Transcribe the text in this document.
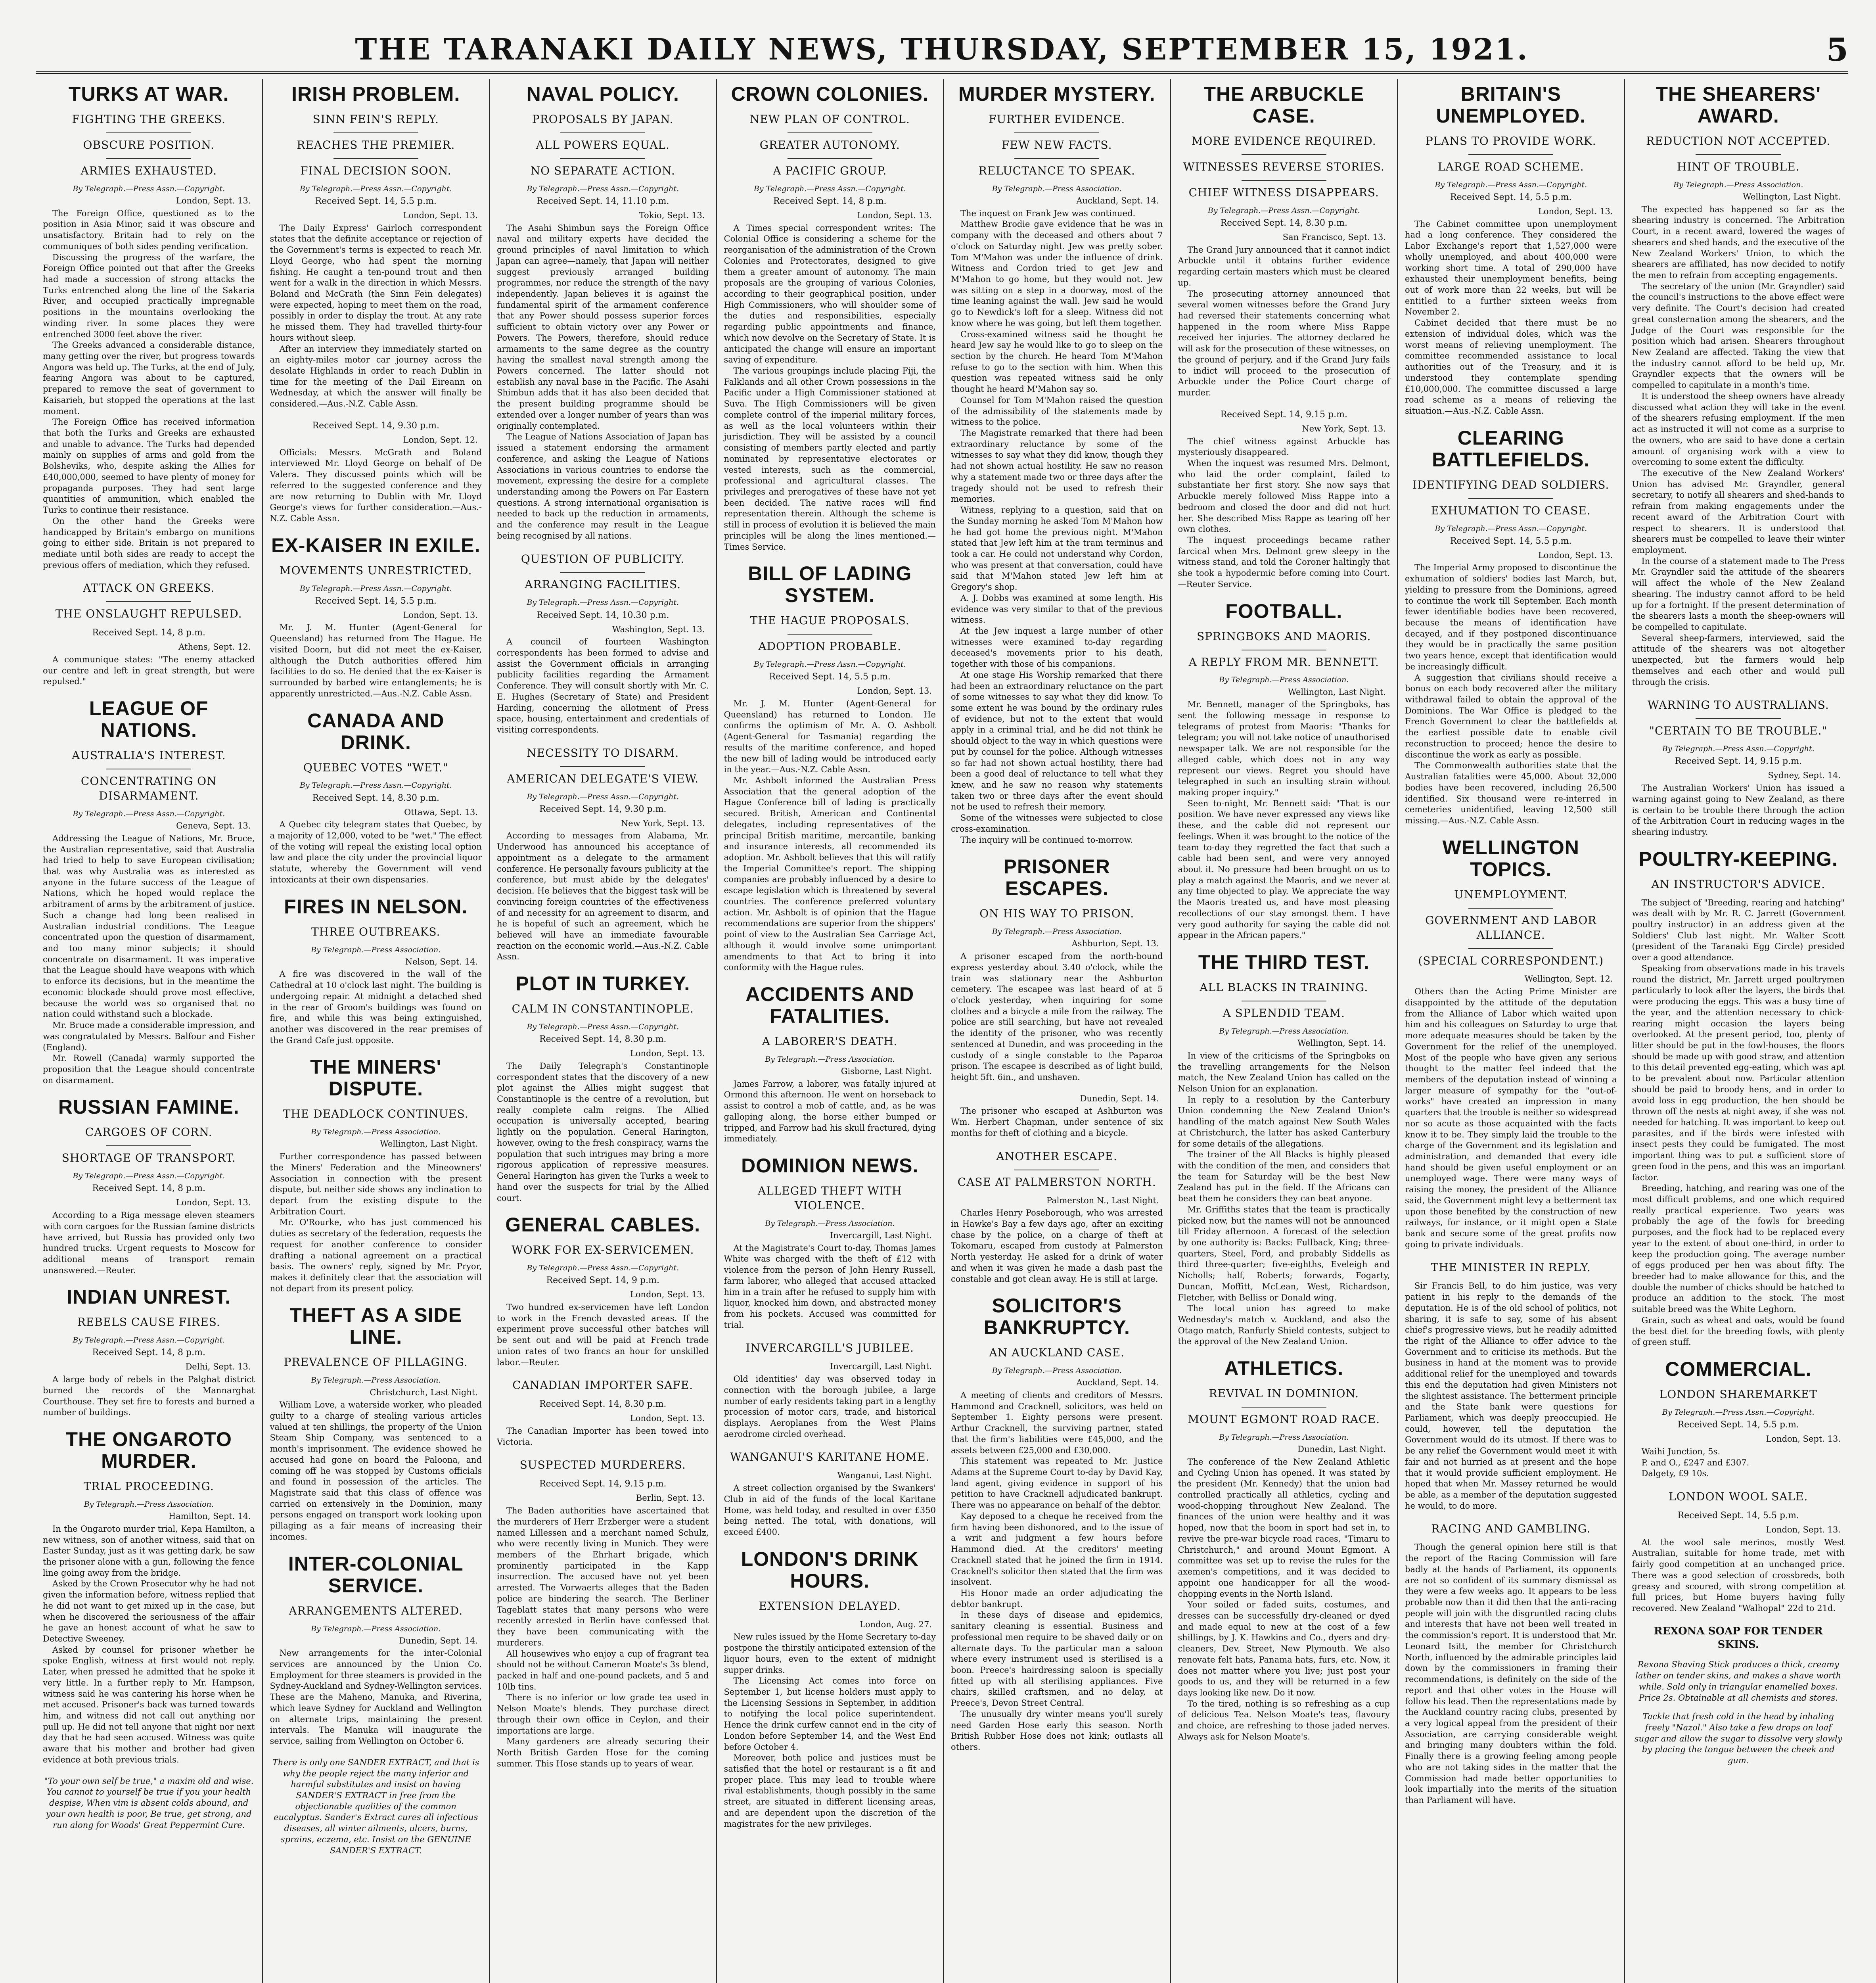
THE TARANAKI DAILY NEWS, THURSDAY, SEPTEMBER 15, 1921.	5
TURKS AT WAR.
FIGHTING THE GREEKS.
OBSCURE POSITION.
ARMIES EXHAUSTED.
By Telegraph.—Press Assn.—Copyright.
London, Sept. 13.

The Foreign Office, questioned as to the position in Asia Minor, said it was obscure and unsatisfactory. Britain had to rely on the communiques of both sides pending verification.

Discussing the progress of the warfare, the Foreign Office pointed out that after the Greeks had made a succession of strong attacks the Turks entrenched along the line of the Sakaria River, and occupied practically impregnable positions in the mountains overlooking the winding river. In some places they were entrenched 3000 feet above the river.

The Greeks advanced a considerable distance, many getting over the river, but progress towards Angora was held up. The Turks, at the end of July, fearing Angora was about to be captured, prepared to remove the seat of government to Kaisarieh, but stopped the operations at the last moment.

The Foreign Office has received information that both the Turks and Greeks are exhausted and unable to advance. The Turks had depended mainly on supplies of arms and gold from the Bolsheviks, who, despite asking the Allies for £40,000,000, seemed to have plenty of money for propaganda purposes. They had sent large quantities of ammunition, which enabled the Turks to continue their resistance.

On the other hand the Greeks were handicapped by Britain's embargo on munitions going to either side. Britain is not prepared to mediate until both sides are ready to accept the previous offers of mediation, which they refused.

ATTACK ON GREEKS.
THE ONSLAUGHT REPULSED.
Received Sept. 14, 8 p.m.
Athens, Sept. 12.

A communique states: "The enemy attacked our centre and left in great strength, but were repulsed."

LEAGUE OF NATIONS.
AUSTRALIA'S INTEREST.
CONCENTRATING ON DISARMAMENT.
By Telegraph.—Press Assn.—Copyright.
Geneva, Sept. 13.

Addressing the League of Nations, Mr. Bruce, the Australian representative, said that Australia had tried to help to save European civilisation; that was why Australia was as interested as anyone in the future success of the League of Nations, which he hoped would replace the arbitrament of arms by the arbitrament of justice. Such a change had long been realised in Australian industrial conditions. The League concentrated upon the question of disarmament, and too many minor subjects; it should concentrate on disarmament. It was imperative that the League should have weapons with which to enforce its decisions, but in the meantime the economic blockade should prove most effective, because the world was so organised that no nation could withstand such a blockade.

Mr. Bruce made a considerable impression, and was congratulated by Messrs. Balfour and Fisher (England).

Mr. Rowell (Canada) warmly supported the proposition that the League should concentrate on disarmament.

RUSSIAN FAMINE.
CARGOES OF CORN.
SHORTAGE OF TRANSPORT.
By Telegraph.—Press Assn.—Copyright.
Received Sept. 14, 8 p.m.
London, Sept. 13.

According to a Riga message eleven steamers with corn cargoes for the Russian famine districts have arrived, but Russia has provided only two hundred trucks. Urgent requests to Moscow for additional means of transport remain unanswered.—Reuter.

INDIAN UNREST.
REBELS CAUSE FIRES.
By Telegraph.—Press Assn.—Copyright.
Received Sept. 14, 8 p.m.
Delhi, Sept. 13.

A large body of rebels in the Palghat district burned the records of the Mannarghat Courthouse. They set fire to forests and burned a number of buildings.

THE ONGAROTO MURDER.
TRIAL PROCEEDING.
By Telegraph.—Press Association.
Hamilton, Sept. 14.

In the Ongaroto murder trial, Kepa Hamilton, a new witness, son of another witness, said that on Easter Sunday, just as it was getting dark, he saw the prisoner alone with a gun, following the fence line going away from the bridge.

Asked by the Crown Prosecutor why he had not given the information before, witness replied that he did not want to get mixed up in the case, but when he discovered the seriousness of the affair he gave an honest account of what he saw to Detective Sweeney.

Asked by counsel for prisoner whether he spoke English, witness at first would not reply. Later, when pressed he admitted that he spoke it very little. In a further reply to Mr. Hampson, witness said he was cantering his horse when he met accused. Prisoner's back was turned towards him, and witness did not call out anything nor pull up. He did not tell anyone that night nor next day that he had seen accused. Witness was quite aware that his mother and brother had given evidence at both previous trials.

"To your own self be true," a maxim old and wise. You cannot to yourself be true if you your health despise, When vim is absent colds abound, and your own health is poor, Be true, get strong, and run along for Woods' Great Peppermint Cure.
IRISH PROBLEM.
SINN FEIN'S REPLY.
REACHES THE PREMIER.
FINAL DECISION SOON.
By Telegraph.—Press Assn.—Copyright.
Received Sept. 14, 5.5 p.m.
London, Sept. 13.

The Daily Express' Gairloch correspondent states that the definite acceptance or rejection of the Government's terms is expected to reach Mr. Lloyd George, who had spent the morning fishing. He caught a ten-pound trout and then went for a walk in the direction in which Messrs. Boland and McGrath (the Sinn Fein delegates) were expected, hoping to meet them on the road, possibly in order to display the trout. At any rate he missed them. They had travelled thirty-four hours without sleep.

After an interview they immediately started on an eighty-miles motor car journey across the desolate Highlands in order to reach Dublin in time for the meeting of the Dail Eireann on Wednesday, at which the answer will finally be considered.—Aus.-N.Z. Cable Assn.

Received Sept. 14, 9.30 p.m.
London, Sept. 12.

Officials: Messrs. McGrath and Boland interviewed Mr. Lloyd George on behalf of De Valera. They discussed points which will be referred to the suggested conference and they are now returning to Dublin with Mr. Lloyd George's views for further consideration.—Aus.-N.Z. Cable Assn.

EX-KAISER IN EXILE.
MOVEMENTS UNRESTRICTED.
By Telegraph.—Press Assn.—Copyright.
Received Sept. 14, 5.5 p.m.
London, Sept. 13.

Mr. J. M. Hunter (Agent-General for Queensland) has returned from The Hague. He visited Doorn, but did not meet the ex-Kaiser, although the Dutch authorities offered him facilities to do so. He denied that the ex-Kaiser is surrounded by barbed wire entanglements; he is apparently unrestricted.—Aus.-N.Z. Cable Assn.

CANADA AND DRINK.
QUEBEC VOTES "WET."
By Telegraph.—Press Assn.—Copyright.
Received Sept. 14, 8.30 p.m.
Ottawa, Sept. 13.

A Quebec city telegram states that Quebec, by a majority of 12,000, voted to be "wet." The effect of the voting will repeal the existing local option law and place the city under the provincial liquor statute, whereby the Government will vend intoxicants at their own dispensaries.

FIRES IN NELSON.
THREE OUTBREAKS.
By Telegraph.—Press Association.
Nelson, Sept. 14.

A fire was discovered in the wall of the Cathedral at 10 o'clock last night. The building is undergoing repair. At midnight a detached shed in the rear of Groom's buildings was found on fire, and while this was being extinguished, another was discovered in the rear premises of the Grand Cafe just opposite.

THE MINERS' DISPUTE.
THE DEADLOCK CONTINUES.
By Telegraph.—Press Association.
Wellington, Last Night.

Further correspondence has passed between the Miners' Federation and the Mineowners' Association in connection with the present dispute, but neither side shows any inclination to depart from the existing dispute to the Arbitration Court.

Mr. O'Rourke, who has just commenced his duties as secretary of the federation, requests the request for another conference to consider drafting a national agreement on a practical basis. The owners' reply, signed by Mr. Pryor, makes it definitely clear that the association will not depart from its present policy.

THEFT AS A SIDE LINE.
PREVALENCE OF PILLAGING.
By Telegraph.—Press Association.
Christchurch, Last Night.

William Love, a waterside worker, who pleaded guilty to a charge of stealing various articles valued at ten shillings, the property of the Union Steam Ship Company, was sentenced to a month's imprisonment. The evidence showed he accused had gone on board the Paloona, and coming off he was stopped by Customs officials and found in possession of the articles. The Magistrate said that this class of offence was carried on extensively in the Dominion, many persons engaged on transport work looking upon pillaging as a fair means of increasing their incomes.

INTER-COLONIAL SERVICE.
ARRANGEMENTS ALTERED.
By Telegraph.—Press Association.
Dunedin, Sept. 14.

New arrangements for the inter-Colonial services are announced by the Union Co. Employment for three steamers is provided in the Sydney-Auckland and Sydney-Wellington services. These are the Maheno, Manuka, and Riverina, which leave Sydney for Auckland and Wellington on alternate trips, maintaining the present intervals. The Manuka will inaugurate the service, sailing from Wellington on October 6.

There is only one SANDER EXTRACT, and that is why the people reject the many inferior and harmful substitutes and insist on having SANDER'S EXTRACT in free from the objectionable qualities of the common eucalyptus. Sander's Extract cures all infectious diseases, all winter ailments, ulcers, burns, sprains, eczema, etc. Insist on the GENUINE SANDER'S EXTRACT.
NAVAL POLICY.
PROPOSALS BY JAPAN.
ALL POWERS EQUAL.
NO SEPARATE ACTION.
By Telegraph.—Press Assn.—Copyright.
Received Sept. 14, 11.10 p.m.
Tokio, Sept. 13.

The Asahi Shimbun says the Foreign Office naval and military experts have decided the ground principles of naval limitation to which Japan can agree—namely, that Japan will neither suggest previously arranged building programmes, nor reduce the strength of the navy independently. Japan believes it is against the fundamental spirit of the armament conference that any Power should possess superior forces sufficient to obtain victory over any Power or Powers. The Powers, therefore, should reduce armaments to the same degree as the country having the smallest naval strength among the Powers concerned. The latter should not establish any naval base in the Pacific. The Asahi Shimbun adds that it has also been decided that the present building programme should be extended over a longer number of years than was originally contemplated.

The League of Nations Association of Japan has issued a statement endorsing the armament conference, and asking the League of Nations Associations in various countries to endorse the movement, expressing the desire for a complete understanding among the Powers on Far Eastern questions. A strong international organisation is needed to back up the reduction in armaments, and the conference may result in the League being recognised by all nations.

QUESTION OF PUBLICITY.
ARRANGING FACILITIES.
By Telegraph.—Press Assn.—Copyright.
Received Sept. 14, 10.30 p.m.
Washington, Sept. 13.

A council of fourteen Washington correspondents has been formed to advise and assist the Government officials in arranging publicity facilities regarding the Armament Conference. They will consult shortly with Mr. C. E. Hughes (Secretary of State) and President Harding, concerning the allotment of Press space, housing, entertainment and credentials of visiting correspondents.

NECESSITY TO DISARM.
AMERICAN DELEGATE'S VIEW.
By Telegraph.—Press Assn.—Copyright.
Received Sept. 14, 9.30 p.m.
New York, Sept. 13.

According to messages from Alabama, Mr. Underwood has announced his acceptance of appointment as a delegate to the armament conference. He personally favours publicity at the conference, but must abide by the delegates' decision. He believes that the biggest task will be convincing foreign countries of the effectiveness of and necessity for an agreement to disarm, and he is hopeful of such an agreement, which he believed will have an immediate favourable reaction on the economic world.—Aus.-N.Z. Cable Assn.

PLOT IN TURKEY.
CALM IN CONSTANTINOPLE.
By Telegraph.—Press Assn.—Copyright.
Received Sept. 14, 8.30 p.m.
London, Sept. 13.

The Daily Telegraph's Constantinople correspondent states that the discovery of a new plot against the Allies might suggest that Constantinople is the centre of a revolution, but really complete calm reigns. The Allied occupation is universally accepted, bearing lightly on the population. General Harington, however, owing to the fresh conspiracy, warns the population that such intrigues may bring a more rigorous application of repressive measures. General Harington has given the Turks a week to hand over the suspects for trial by the Allied court.

GENERAL CABLES.
WORK FOR EX-SERVICEMEN.
By Telegraph.—Press Assn.—Copyright.
Received Sept. 14, 9 p.m.
London, Sept. 13.

Two hundred ex-servicemen have left London to work in the French devasted areas. If the experiment prove successful other batches will be sent out and will be paid at French trade union rates of two francs an hour for unskilled labor.—Reuter.

CANADIAN IMPORTER SAFE.
Received Sept. 14, 8.30 p.m.
London, Sept. 13.

The Canadian Importer has been towed into Victoria.

SUSPECTED MURDERERS.
Received Sept. 14, 9.15 p.m.
Berlin, Sept. 13.

The Baden authorities have ascertained that the murderers of Herr Erzberger were a student named Lillessen and a merchant named Schulz, who were recently living in Munich. They were members of the Ehrhart brigade, which prominently participated in the Kapp insurrection. The accused have not yet been arrested. The Vorwaerts alleges that the Baden police are hindering the search. The Berliner Tageblatt states that many persons who were recently arrested in Berlin have confessed that they have been communicating with the murderers.

All housewives who enjoy a cup of fragrant tea should not be without Cameron Moate's 3s blend, packed in half and one-pound packets, and 5 and 10lb tins.

There is no inferior or low grade tea used in Nelson Moate's blends. They purchase direct through their own office in Ceylon, and their importations are large.

Many gardeners are already securing their North British Garden Hose for the coming summer. This Hose stands up to years of wear.

CROWN COLONIES.
NEW PLAN OF CONTROL.
GREATER AUTONOMY.
A PACIFIC GROUP.
By Telegraph.—Press Assn.—Copyright.
Received Sept. 14, 8 p.m.
London, Sept. 13.

A Times special correspondent writes: The Colonial Office is considering a scheme for the reorganisation of the administration of the Crown Colonies and Protectorates, designed to give them a greater amount of autonomy. The main proposals are the grouping of various Colonies, according to their geographical position, under High Commissioners, who will shoulder some of the duties and responsibilities, especially regarding public appointments and finance, which now devolve on the Secretary of State. It is anticipated the change will ensure an important saving of expenditure.

The various groupings include placing Fiji, the Falklands and all other Crown possessions in the Pacific under a High Commissioner stationed at Suva. The High Commissioners will be given complete control of the imperial military forces, as well as the local volunteers within their jurisdiction. They will be assisted by a council consisting of members partly elected and partly nominated by representative electorates or vested interests, such as the commercial, professional and agricultural classes. The privileges and prerogatives of these have not yet been decided. The native races will find representation therein. Although the scheme is still in process of evolution it is believed the main principles will be along the lines mentioned.—Times Service.

BILL OF LADING SYSTEM.
THE HAGUE PROPOSALS.
ADOPTION PROBABLE.
By Telegraph.—Press Assn.—Copyright.
Received Sept. 14, 5.5 p.m.
London, Sept. 13.

Mr. J. M. Hunter (Agent-General for Queensland) has returned to London. He confirms the optimism of Mr. A. O. Ashbolt (Agent-General for Tasmania) regarding the results of the maritime conference, and hoped the new bill of lading would be introduced early in the year.—Aus.-N.Z. Cable Assn.

Mr. Ashbolt informed the Australian Press Association that the general adoption of the Hague Conference bill of lading is practically secured. British, American and Continental delegates, including representatives of the principal British maritime, mercantile, banking and insurance interests, all recommended its adoption. Mr. Ashbolt believes that this will ratify the Imperial Committee's report. The shipping companies are probably influenced by a desire to escape legislation which is threatened by several countries. The conference preferred voluntary action. Mr. Ashbolt is of opinion that the Hague recommendations are superior from the shippers' point of view to the Australian Sea Carriage Act, although it would involve some unimportant amendments to that Act to bring it into conformity with the Hague rules.

ACCIDENTS AND FATALITIES.
A LABORER'S DEATH.
By Telegraph.—Press Association.
Gisborne, Last Night.

James Farrow, a laborer, was fatally injured at Ormond this afternoon. He went on horseback to assist to control a mob of cattle, and, as he was galloping along, the horse either bumped or tripped, and Farrow had his skull fractured, dying immediately.

DOMINION NEWS.
ALLEGED THEFT WITH VIOLENCE.
By Telegraph.—Press Association.
Invercargill, Last Night.

At the Magistrate's Court to-day, Thomas James White was charged with the theft of £12 with violence from the person of John Henry Russell, farm laborer, who alleged that accused attacked him in a train after he refused to supply him with liquor, knocked him down, and abstracted money from his pockets. Accused was committed for trial.

INVERCARGILL'S JUBILEE.
Invercargill, Last Night.

Old identities' day was observed today in connection with the borough jubilee, a large number of early residents taking part in a lengthy procession of motor cars, trade, and historical displays. Aeroplanes from the West Plains aerodrome circled overhead.

WANGANUI'S KARITANE HOME.
Wanganui, Last Night.

A street collection organised by the Swankers' Club in aid of the funds of the local Karitane Home, was held today, and resulted in over £350 being netted. The total, with donations, will exceed £400.

LONDON'S DRINK HOURS.
EXTENSION DELAYED.
London, Aug. 27.

New rules issued by the Home Secretary to-day postpone the thirstily anticipated extension of the liquor hours, even to the extent of midnight supper drinks.

The Licensing Act comes into force on September 1, but license holders must apply to the Licensing Sessions in September, in addition to notifying the local police superintendent. Hence the drink curfew cannot end in the city of London before September 14, and the West End before October 4.

Moreover, both police and justices must be satisfied that the hotel or restaurant is a fit and proper place. This may lead to trouble where rival establishments, though possibly in the same street, are situated in different licensing areas, and are dependent upon the discretion of the magistrates for the new privileges.

MURDER MYSTERY.
FURTHER EVIDENCE.
FEW NEW FACTS.
RELUCTANCE TO SPEAK.
By Telegraph.—Press Association.
Auckland, Sept. 14.

The inquest on Frank Jew was continued.

Matthew Brodie gave evidence that he was in company with the deceased and others about 7 o'clock on Saturday night. Jew was pretty sober. Tom M'Mahon was under the influence of drink. Witness and Cordon tried to get Jew and M'Mahon to go home, but they would not. Jew was sitting on a step in a doorway, most of the time leaning against the wall. Jew said he would go to Newdick's loft for a sleep. Witness did not know where he was going, but left them together.

Cross-examined witness said he thought he heard Jew say he would like to go to sleep on the section by the church. He heard Tom M'Mahon refuse to go to the section with him. When this question was repeated witness said he only thought he heard M'Mahon say so.

Counsel for Tom M'Mahon raised the question of the admissibility of the statements made by witness to the police.

The Magistrate remarked that there had been extraordinary reluctance by some of the witnesses to say what they did know, though they had not shown actual hostility. He saw no reason why a statement made two or three days after the tragedy should not be used to refresh their memories.

Witness, replying to a question, said that on the Sunday morning he asked Tom M'Mahon how he had got home the previous night. M'Mahon stated that Jew left him at the tram terminus and took a car. He could not understand why Cordon, who was present at that conversation, could have said that M'Mahon stated Jew left him at Gregory's shop.

A. J. Dobbs was examined at some length. His evidence was very similar to that of the previous witness.

At the Jew inquest a large number of other witnesses were examined to-day regarding deceased's movements prior to his death, together with those of his companions.

At one stage His Worship remarked that there had been an extraordinary reluctance on the part of some witnesses to say what they did know. To some extent he was bound by the ordinary rules of evidence, but not to the extent that would apply in a criminal trial, and he did not think he should object to the way in which questions were put by counsel for the police. Although witnesses so far had not shown actual hostility, there had been a good deal of reluctance to tell what they knew, and he saw no reason why statements taken two or three days after the event should not be used to refresh their memory.

Some of the witnesses were subjected to close cross-examination.

The inquiry will be continued to-morrow.

PRISONER ESCAPES.
ON HIS WAY TO PRISON.
By Telegraph.—Press Association.
Ashburton, Sept. 13.

A prisoner escaped from the north-bound express yesterday about 3.40 o'clock, while the train was stationary near the Ashburton cemetery. The escapee was last heard of at 5 o'clock yesterday, when inquiring for some clothes and a bicycle a mile from the railway. The police are still searching, but have not revealed the identity of the prisoner, who was recently sentenced at Dunedin, and was proceeding in the custody of a single constable to the Paparoa prison. The escapee is described as of light build, height 5ft. 6in., and unshaven.

Dunedin, Sept. 14.

The prisoner who escaped at Ashburton was Wm. Herbert Chapman, under sentence of six months for theft of clothing and a bicycle.

ANOTHER ESCAPE.
CASE AT PALMERSTON NORTH.
Palmerston N., Last Night.

Charles Henry Poseborough, who was arrested in Hawke's Bay a few days ago, after an exciting chase by the police, on a charge of theft at Tokomaru, escaped from custody at Palmerston North yesterday. He asked for a drink of water and when it was given he made a dash past the constable and got clean away. He is still at large.

SOLICITOR'S BANKRUPTCY.
AN AUCKLAND CASE.
By Telegraph.—Press Association.
Auckland, Sept. 14.

A meeting of clients and creditors of Messrs. Hammond and Cracknell, solicitors, was held on September 1. Eighty persons were present. Arthur Cracknell, the surviving partner, stated that the firm's liabilities were £45,000, and the assets between £25,000 and £30,000.

This statement was repeated to Mr. Justice Adams at the Supreme Court to-day by David Kay, land agent, giving evidence in support of his petition to have Cracknell adjudicated bankrupt. There was no appearance on behalf of the debtor.

Kay deposed to a cheque he received from the firm having been dishonored, and to the issue of a writ and judgment a few hours before Hammond died. At the creditors' meeting Cracknell stated that he joined the firm in 1914. Cracknell's solicitor then stated that the firm was insolvent.

His Honor made an order adjudicating the debtor bankrupt.

In these days of disease and epidemics, sanitary cleaning is essential. Business and professional men require to be shaved daily or on alternate days. To the particular man a saloon where every instrument used is sterilised is a boon. Preece's hairdressing saloon is specially fitted up with all sterilising appliances. Five chairs, skilled craftsmen, and no delay, at Preece's, Devon Street Central.

The unusually dry winter means you'll surely need Garden Hose early this season. North British Rubber Hose does not kink; outlasts all others.

THE ARBUCKLE CASE.
MORE EVIDENCE REQUIRED.
WITNESSES REVERSE STORIES.
CHIEF WITNESS DISAPPEARS.
By Telegraph.—Press Assn.—Copyright.
Received Sept. 14, 8.30 p.m.
San Francisco, Sept. 13.

The Grand Jury announced that it cannot indict Arbuckle until it obtains further evidence regarding certain masters which must be cleared up.

The prosecuting attorney announced that several women witnesses before the Grand Jury had reversed their statements concerning what happened in the room where Miss Rappe received her injuries. The attorney declared he will ask for the prosecution of these witnesses, on the ground of perjury, and if the Grand Jury fails to indict will proceed to the prosecution of Arbuckle under the Police Court charge of murder.

Received Sept. 14, 9.15 p.m.
New York, Sept. 13.

The chief witness against Arbuckle has mysteriously disappeared.

When the inquest was resumed Mrs. Delmont, who laid the order complaint, failed to substantiate her first story. She now says that Arbuckle merely followed Miss Rappe into a bedroom and closed the door and did not hurt her. She described Miss Rappe as tearing off her own clothes.

The inquest proceedings became rather farcical when Mrs. Delmont grew sleepy in the witness stand, and told the Coroner haltingly that she took a hypodermic before coming into Court.—Reuter Service.

FOOTBALL.
SPRINGBOKS AND MAORIS.
A REPLY FROM MR. BENNETT.
By Telegraph.—Press Association.
Wellington, Last Night.

Mr. Bennett, manager of the Springboks, has sent the following message in response to telegrams of protest from Maoris: "Thanks for telegram; you will not take notice of unauthorised newspaper talk. We are not responsible for the alleged cable, which does not in any way represent our views. Regret you should have telegraphed in such an insulting strain without making proper inquiry."

Seen to-night, Mr. Bennett said: "That is our position. We have never expressed any views like these, and the cable did not represent our feelings. When it was brought to the notice of the team to-day they regretted the fact that such a cable had been sent, and were very annoyed about it. No pressure had been brought on us to play a match against the Maoris, and we never at any time objected to play. We appreciate the way the Maoris treated us, and have most pleasing recollections of our stay amongst them. I have very good authority for saying the cable did not appear in the African papers."

THE THIRD TEST.
ALL BLACKS IN TRAINING.
A SPLENDID TEAM.
By Telegraph.—Press Association.
Wellington, Sept. 14.

In view of the criticisms of the Springboks on the travelling arrangements for the Nelson match, the New Zealand Union has called on the Nelson Union for an explanation.

In reply to a resolution by the Canterbury Union condemning the New Zealand Union's handling of the match against New South Wales at Christchurch, the latter has asked Canterbury for some details of the allegations.

The trainer of the All Blacks is highly pleased with the condition of the men, and considers that the team for Saturday will be the best New Zealand has put in the field. If the Africans can beat them he considers they can beat anyone.

Mr. Griffiths states that the team is practically picked now, but the names will not be announced till Friday afternoon. A forecast of the selection by one authority is: Backs: Fullback, King; three-quarters, Steel, Ford, and probably Siddells as third three-quarter; five-eighths, Eveleigh and Nicholls; half, Roberts; forwards, Fogarty, Duncan, Moffitt, McLean, West, Richardson, Fletcher, with Belliss or Donald wing.

The local union has agreed to make Wednesday's match v. Auckland, and also the Otago match, Ranfurly Shield contests, subject to the approval of the New Zealand Union.

ATHLETICS.
REVIVAL IN DOMINION.
MOUNT EGMONT ROAD RACE.
By Telegraph.—Press Association.
Dunedin, Last Night.

The conference of the New Zealand Athletic and Cycling Union has opened. It was stated by the president (Mr. Kennedy) that the union had controlled practically all athletics, cycling and wood-chopping throughout New Zealand. The finances of the union were healthy and it was hoped, now that the boom in sport had set in, to revive the pre-war bicycle road races, "Timaru to Christchurch," and around Mount Egmont. A committee was set up to revise the rules for the axemen's competitions, and it was decided to appoint one handicapper for all the wood-chopping events in the North Island.

Your soiled or faded suits, costumes, and dresses can be successfully dry-cleaned or dyed and made equal to new at the cost of a few shillings, by J. K. Hawkins and Co., dyers and dry-cleaners, Dev. Street, New Plymouth. We also renovate felt hats, Panama hats, furs, etc. Now, it does not matter where you live; just post your goods to us, and they will be returned in a few days looking like new. Do it now.

To the tired, nothing is so refreshing as a cup of delicious Tea. Nelson Moate's teas, flavoury and choice, are refreshing to those jaded nerves. Always ask for Nelson Moate's.

BRITAIN'S UNEMPLOYED.
PLANS TO PROVIDE WORK.
LARGE ROAD SCHEME.
By Telegraph.—Press Assn.—Copyright.
Received Sept. 14, 5.5 p.m.
London, Sept. 13.

The Cabinet committee upon unemployment had a long conference. They considered the Labor Exchange's report that 1,527,000 were wholly unemployed, and about 400,000 were working short time. A total of 290,000 have exhausted their unemployment benefits, being out of work more than 22 weeks, but will be entitled to a further sixteen weeks from November 2.

Cabinet decided that there must be no extension of individual doles, which was the worst means of relieving unemployment. The committee recommended assistance to local authorities out of the Treasury, and it is understood they contemplate spending £10,000,000. The committee discussed a large road scheme as a means of relieving the situation.—Aus.-N.Z. Cable Assn.

CLEARING BATTLEFIELDS.
IDENTIFYING DEAD SOLDIERS.
EXHUMATION TO CEASE.
By Telegraph.—Press Assn.—Copyright.
Received Sept. 14, 5.5 p.m.
London, Sept. 13.

The Imperial Army proposed to discontinue the exhumation of soldiers' bodies last March, but, yielding to pressure from the Dominions, agreed to continue the work till September. Each month fewer identifiable bodies have been recovered, because the means of identification have decayed, and if they postponed discontinuance they would be in practically the same position two years hence, except that identification would be increasingly difficult.

A suggestion that civilians should receive a bonus on each body recovered after the military withdrawal failed to obtain the approval of the Dominions. The War Office is pledged to the French Government to clear the battlefields at the earliest possible date to enable civil reconstruction to proceed; hence the desire to discontinue the work as early as possible.

The Commonwealth authorities state that the Australian fatalities were 45,000. About 32,000 bodies have been recovered, including 26,500 identified. Six thousand were re-interred in cemeteries unidentified, leaving 12,500 still missing.—Aus.-N.Z. Cable Assn.

WELLINGTON TOPICS.
UNEMPLOYMENT.
GOVERNMENT AND LABOR ALLIANCE.
(SPECIAL CORRESPONDENT.)
Wellington, Sept. 12.

Others than the Acting Prime Minister are disappointed by the attitude of the deputation from the Alliance of Labor which waited upon him and his colleagues on Saturday to urge that more adequate measures should be taken by the Government for the relief of the unemployed. Most of the people who have given any serious thought to the matter feel indeed that the members of the deputation instead of winning a larger measure of sympathy for the "out-of-works" have created an impression in many quarters that the trouble is neither so widespread nor so acute as those acquainted with the facts know it to be. They simply laid the trouble to the charge of the Government and its legislation and administration, and demanded that every idle hand should be given useful employment or an unemployed wage. There were many ways of raising the money, the president of the Alliance said, the Government might levy a betterment tax upon those benefited by the construction of new railways, for instance, or it might open a State bank and secure some of the great profits now going to private individuals.

THE MINISTER IN REPLY.

Sir Francis Bell, to do him justice, was very patient in his reply to the demands of the deputation. He is of the old school of politics, not sharing, it is safe to say, some of his absent chief's progressive views, but he readily admitted the right of the Alliance to offer advice to the Government and to criticise its methods. But the business in hand at the moment was to provide additional relief for the unemployed and towards this end the deputation had given Ministers not the slightest assistance. The betterment principle and the State bank were questions for Parliament, which was deeply preoccupied. He could, however, tell the deputation the Government would do its utmost. If there was to be any relief the Government would meet it with fair and not hurried as at present and the hope that it would provide sufficient employment. He hoped that when Mr. Massey returned he would be able, as a member of the deputation suggested he would, to do more.

RACING AND GAMBLING.

Though the general opinion here still is that the report of the Racing Commission will fare badly at the hands of Parliament, its opponents are not so confident of its summary dismissal as they were a few weeks ago. It appears to be less probable now than it did then that the anti-racing people will join with the disgruntled racing clubs and interests that have not been well treated in the commission's report. It is understood that Mr. Leonard Isitt, the member for Christchurch North, influenced by the admirable principles laid down by the commissioners in framing their recommendations, is definitely on the side of the report and that other votes in the House will follow his lead. Then the representations made by the Auckland country racing clubs, presented by a very logical appeal from the president of their Association, are carrying considerable weight and bringing many doubters within the fold. Finally there is a growing feeling among people who are not taking sides in the matter that the Commission had made better opportunities to look impartially into the merits of the situation than Parliament will have.

THE SHEARERS' AWARD.
REDUCTION NOT ACCEPTED.
HINT OF TROUBLE.
By Telegraph.—Press Association.
Wellington, Last Night.

The expected has happened so far as the shearing industry is concerned. The Arbitration Court, in a recent award, lowered the wages of shearers and shed hands, and the executive of the New Zealand Workers' Union, to which the shearers are affiliated, has now decided to notify the men to refrain from accepting engagements.

The secretary of the union (Mr. Grayndler) said the council's instructions to the above effect were very definite. The Court's decision had created great consternation among the shearers, and the Judge of the Court was responsible for the position which had arisen. Shearers throughout New Zealand are affected. Taking the view that the industry cannot afford to be held up, Mr. Grayndler expects that the owners will be compelled to capitulate in a month's time.

It is understood the sheep owners have already discussed what action they will take in the event of the shearers refusing employment. If the men act as instructed it will not come as a surprise to the owners, who are said to have done a certain amount of organising work with a view to overcoming to some extent the difficulty.

The executive of the New Zealand Workers' Union has advised Mr. Grayndler, general secretary, to notify all shearers and shed-hands to refrain from making engagements under the recent award of the Arbitration Court with respect to shearers. It is understood that shearers must be compelled to leave their winter employment.

In the course of a statement made to The Press Mr. Grayndler said the attitude of the shearers will affect the whole of the New Zealand shearing. The industry cannot afford to be held up for a fortnight. If the present determination of the shearers lasts a month the sheep-owners will be compelled to capitulate.

Several sheep-farmers, interviewed, said the attitude of the shearers was not altogether unexpected, but the farmers would help themselves and each other and would pull through the crisis.

WARNING TO AUSTRALIANS.
"CERTAIN TO BE TROUBLE."
By Telegraph.—Press Assn.—Copyright.
Received Sept. 14, 9.15 p.m.
Sydney, Sept. 14.

The Australian Workers' Union has issued a warning against going to New Zealand, as there is certain to be trouble there through the action of the Arbitration Court in reducing wages in the shearing industry.

POULTRY-KEEPING.
AN INSTRUCTOR'S ADVICE.

The subject of "Breeding, rearing and hatching" was dealt with by Mr. R. C. Jarrett (Government poultry instructor) in an address given at the Soldiers' Club last night. Mr. Walter Scott (president of the Taranaki Egg Circle) presided over a good attendance.

Speaking from observations made in his travels round the district, Mr. Jarrett urged poultrymen particularly to look after the layers, the birds that were producing the eggs. This was a busy time of the year, and the attention necessary to chick-rearing might occasion the layers being overlooked. At the present period, too, plenty of litter should be put in the fowl-houses, the floors should be made up with good straw, and attention to this detail prevented egg-eating, which was apt to be prevalent about now. Particular attention should be paid to broody hens, and in order to avoid loss in egg production, the hen should be thrown off the nests at night away, if she was not needed for hatching. It was important to keep out parasites, and if the birds were infested with insect pests they could be fumigated. The most important thing was to put a sufficient store of green food in the pens, and this was an important factor.

Breeding, hatching, and rearing was one of the most difficult problems, and one which required really practical experience. Two years was probably the age of the fowls for breeding purposes, and the flock had to be replaced every year to the extent of about one-third, in order to keep the production going. The average number of eggs produced per hen was about fifty. The breeder had to make allowance for this, and the double the number of chicks should be hatched to produce an addition to the stock. The most suitable breed was the White Leghorn.

Grain, such as wheat and oats, would be found the best diet for the breeding fowls, with plenty of green stuff.

COMMERCIAL.
LONDON SHAREMARKET
By Telegraph.—Press Assn.—Copyright.
Received Sept. 14, 5.5 p.m.
London, Sept. 13.

Waihi Junction, 5s.

P. and O., £247 and £307.

Dalgety, £9 10s.

LONDON WOOL SALE.
Received Sept. 14, 5.5 p.m.
London, Sept. 13.

At the wool sale merinos, mostly West Australian, suitable for home trade, met with fairly good competition at an unchanged price. There was a good selection of crossbreds, both greasy and scoured, with strong competition at full prices, but Home buyers having fully recovered. New Zealand "Walhopal" 22d to 21d.

REXONA SOAP FOR TENDER SKINS.
Rexona Shaving Stick produces a thick, creamy lather on tender skins, and makes a shave worth while. Sold only in triangular enamelled boxes. Price 2s. Obtainable at all chemists and stores.
Tackle that fresh cold in the head by inhaling freely "Nazol." Also take a few drops on loaf sugar and allow the sugar to dissolve very slowly by placing the tongue between the cheek and gum.
